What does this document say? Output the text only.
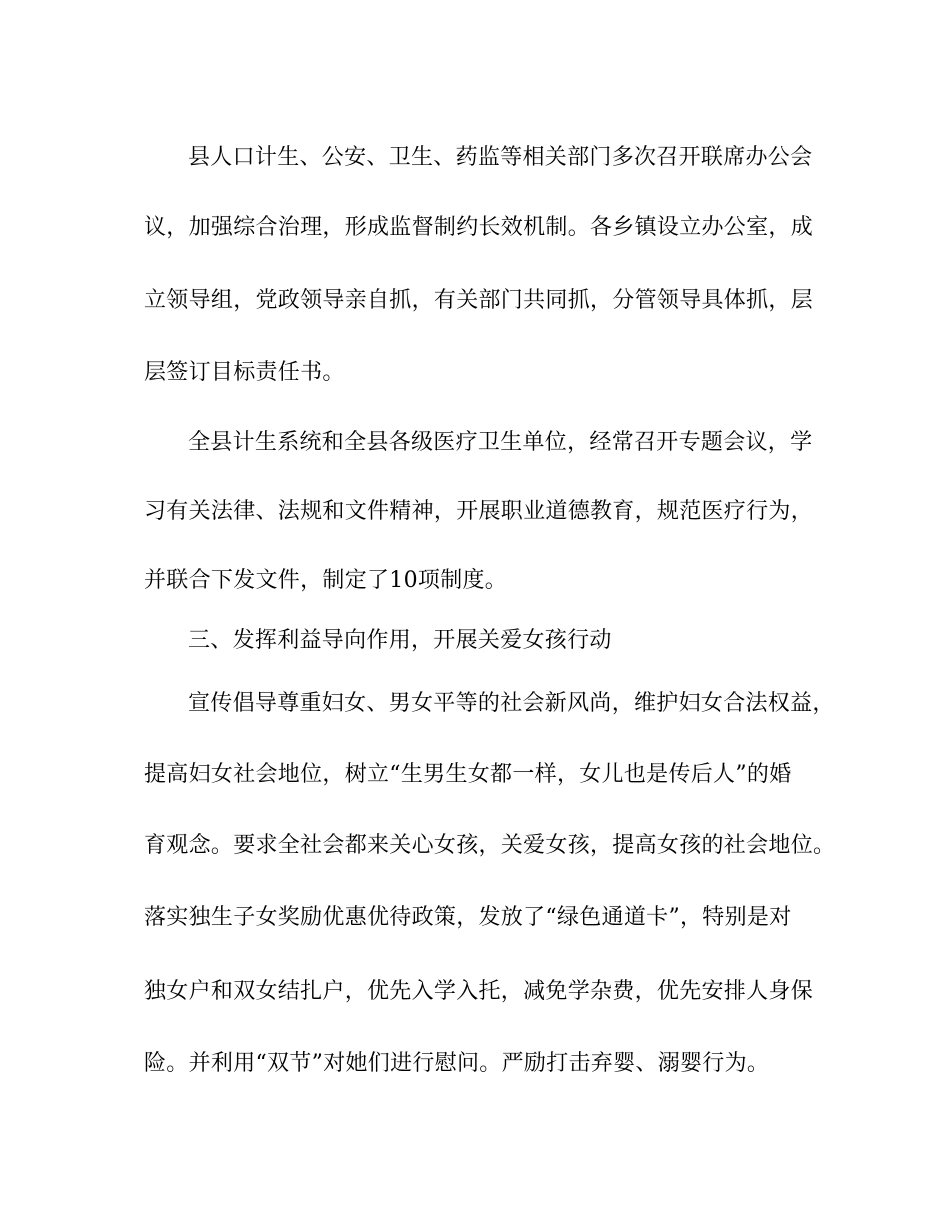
县人口计生、公安、卫生、药监等相关部门多次召开联席办公会
议，加强综合治理，形成监督制约长效机制。各乡镇设立办公室，成
立领导组，党政领导亲自抓，有关部门共同抓，分管领导具体抓，层
层签订目标责任书。
全县计生系统和全县各级医疗卫生单位，经常召开专题会议，学
习有关法律、法规和文件精神，开展职业道德教育，规范医疗行为，
并联合下发文件，制定了10项制度。
三、发挥利益导向作用，开展关爱女孩行动
宣传倡导尊重妇女、男女平等的社会新风尚，维护妇女合法权益，
提高妇女社会地位，树立“生男生女都一样，女儿也是传后人”的婚
育观念。要求全社会都来关心女孩，关爱女孩，提高女孩的社会地位。
落实独生子女奖励优惠优待政策，发放了“绿色通道卡”，特别是对
独女户和双女结扎户，优先入学入托，减免学杂费，优先安排人身保
险。并利用“双节”对她们进行慰问。严励打击弃婴、溺婴行为。
